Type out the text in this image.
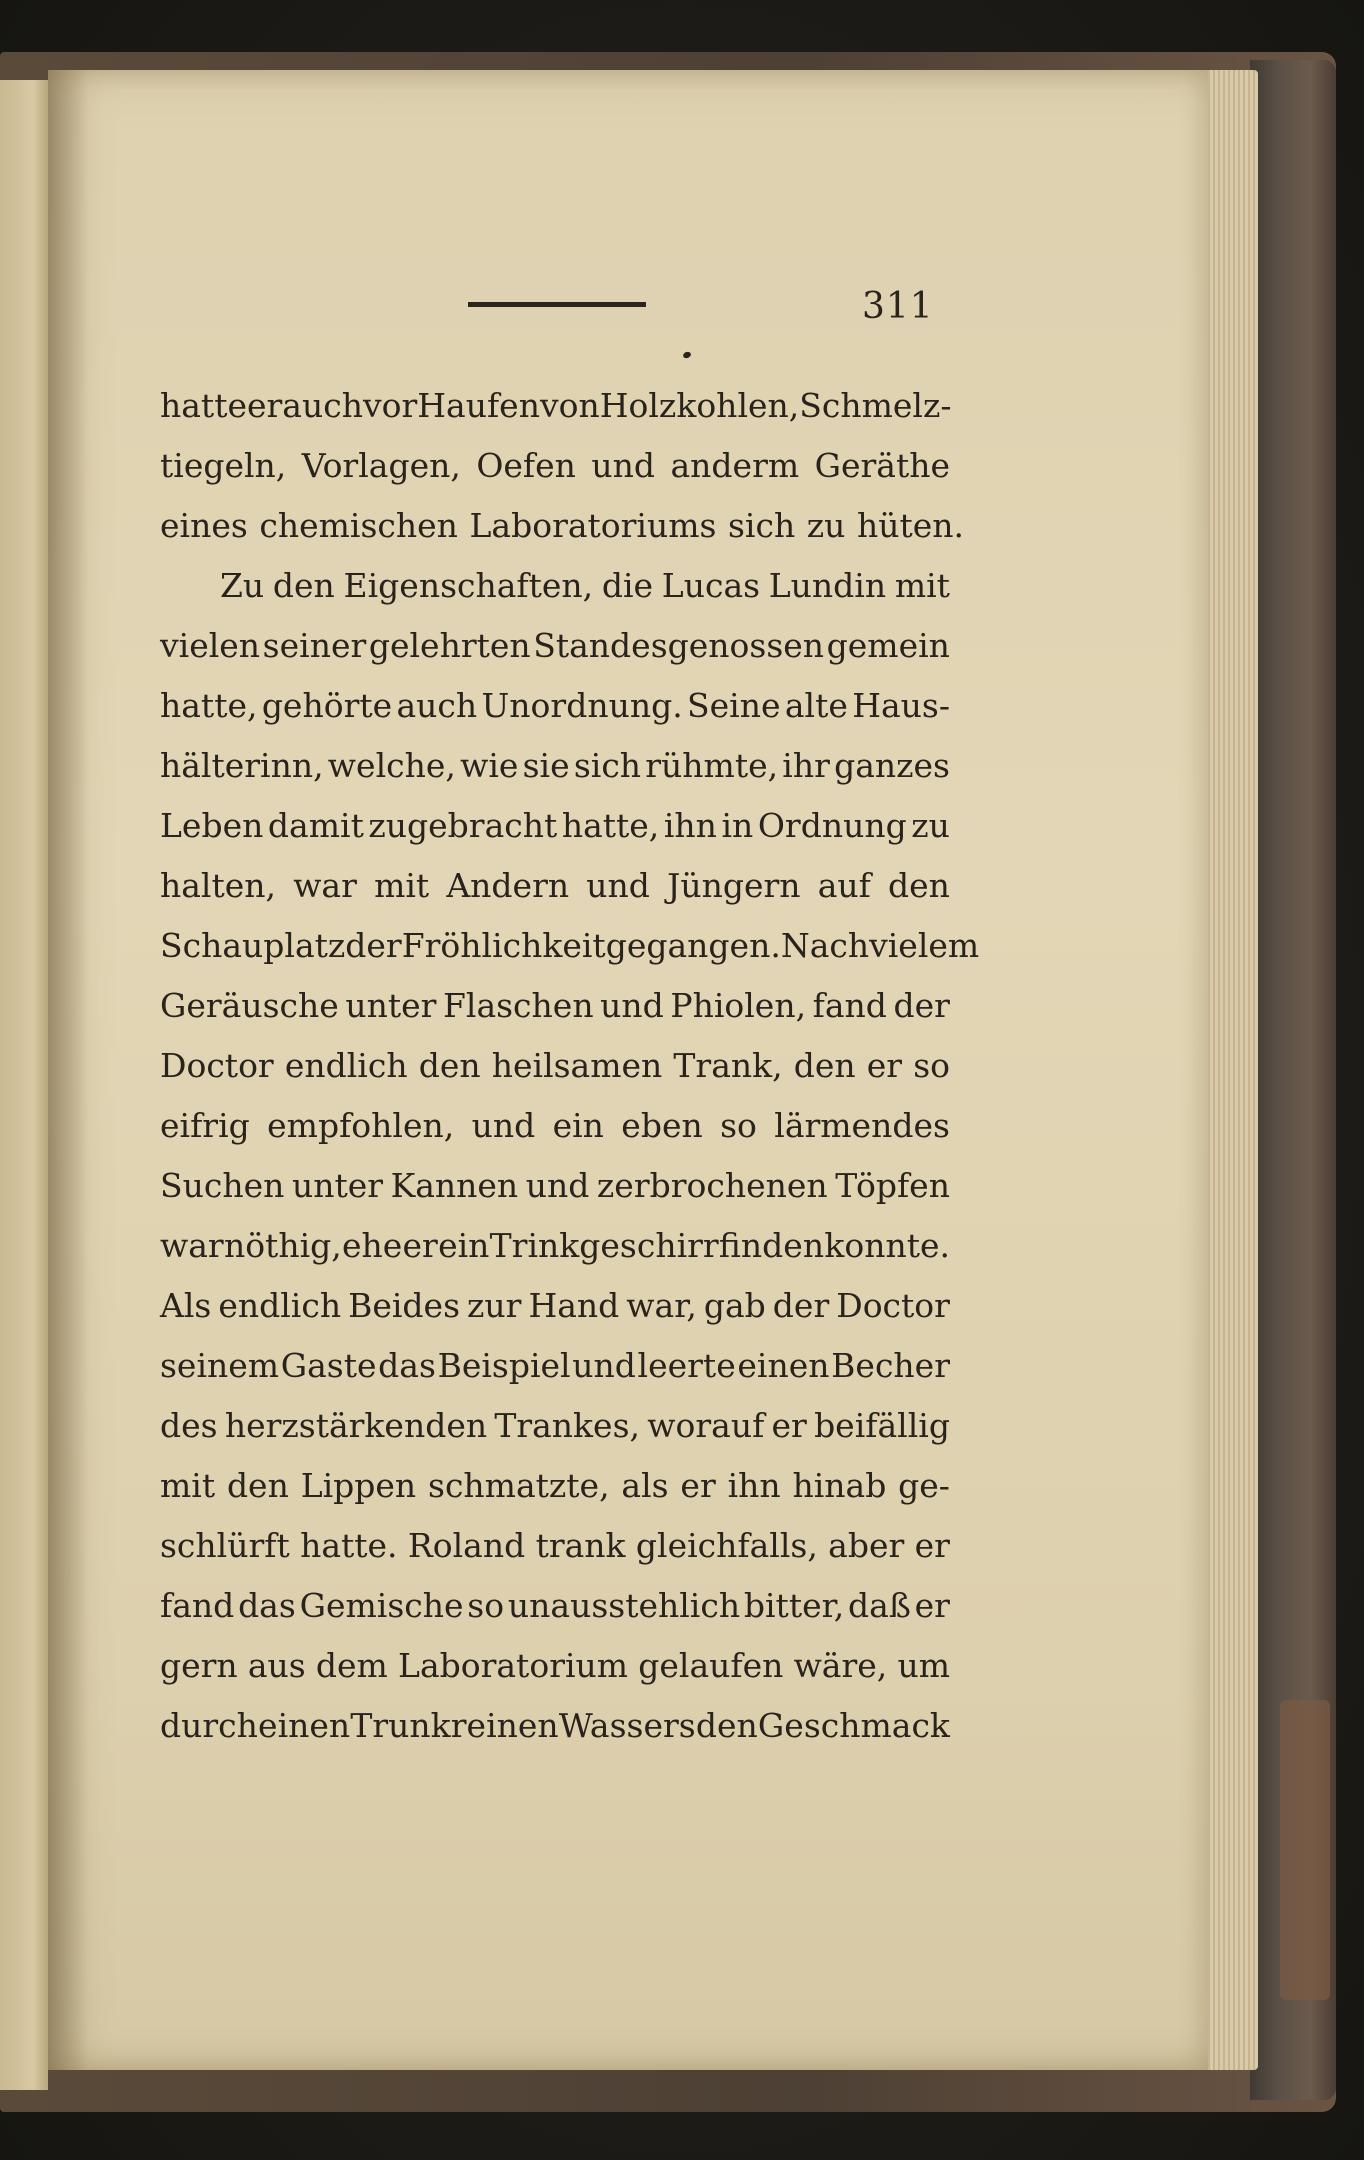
311
hatte er auch vor Haufen von Holzkohlen, Schmelz-
tiegeln, Vorlagen, Oefen und anderm Geräthe
eines chemischen Laboratoriums sich zu hüten.
Zu den Eigenschaften, die Lucas Lundin mit
vielen seiner gelehrten Standesgenossen gemein
hatte, gehörte auch Unordnung. Seine alte Haus-
hälterinn, welche, wie sie sich rühmte, ihr ganzes
Leben damit zugebracht hatte, ihn in Ordnung zu
halten, war mit Andern und Jüngern auf den
Schauplatz der Fröhlichkeit gegangen. Nach vielem
Geräusche unter Flaschen und Phiolen, fand der
Doctor endlich den heilsamen Trank, den er so
eifrig empfohlen, und ein eben so lärmendes
Suchen unter Kannen und zerbrochenen Töpfen
war nöthig, ehe er ein Trinkgeschirr finden konnte.
Als endlich Beides zur Hand war, gab der Doctor
seinem Gaste das Beispiel und leerte einen Becher
des herzstärkenden Trankes, worauf er beifällig
mit den Lippen schmatzte, als er ihn hinab ge-
schlürft hatte. Roland trank gleichfalls, aber er
fand das Gemische so unausstehlich bitter, daß er
gern aus dem Laboratorium gelaufen wäre, um
durch einen Trunk reinen Wassers den Geschmack
